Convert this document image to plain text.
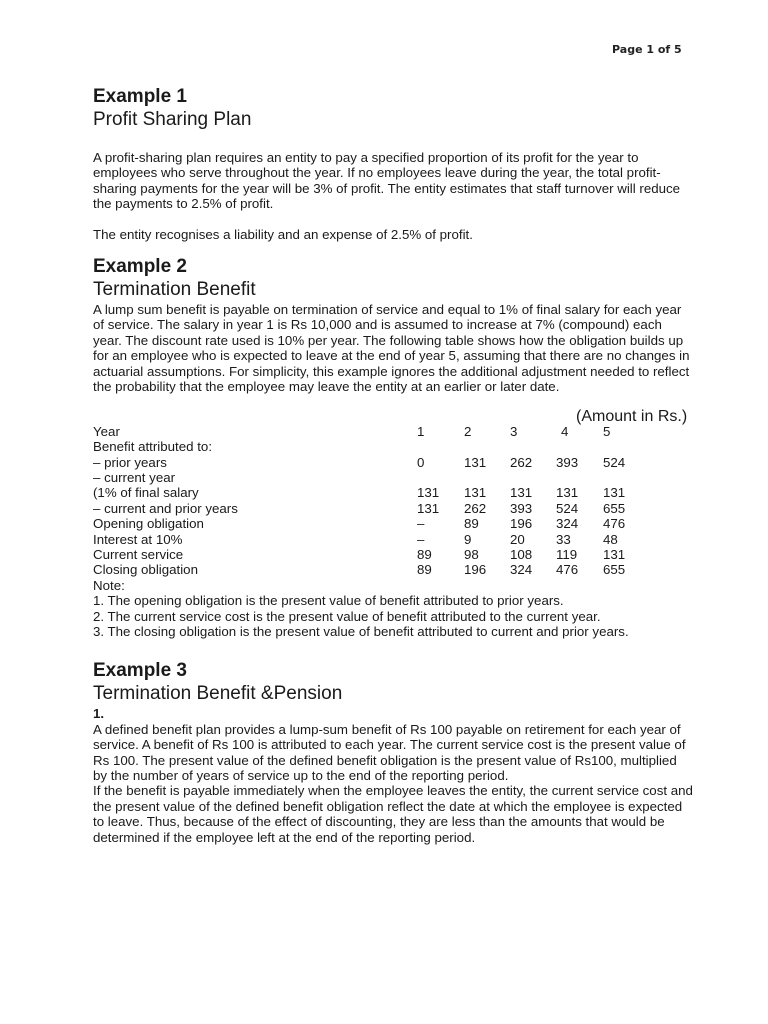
Page 1 of 5
Example 1
Profit Sharing Plan

A profit-sharing plan requires an entity to pay a specified proportion of its profit for the year to employees who serve throughout the year. If no employees leave during the year, the total profit-sharing payments for the year will be 3% of profit. The entity estimates that staff turnover will reduce the payments to 2.5% of profit.

The entity recognises a liability and an expense of 2.5% of profit.

Example 2
Termination Benefit

A lump sum benefit is payable on termination of service and equal to 1% of final salary for each year of service. The salary in year 1 is Rs 10,000 and is assumed to increase at 7% (compound) each year. The discount rate used is 10% per year. The following table shows how the obligation builds up for an employee who is expected to leave at the end of year 5, assuming that there are no changes in actuarial assumptions. For simplicity, this example ignores the additional adjustment needed to reflect the probability that the employee may leave the entity at an earlier or later date.

(Amount in Rs.)
Year	1	2	3	4	5
Benefit attributed to:
– prior years	0	131 262 393 524
– current year
(1% of final salary	131 131 131 131 131
– current and prior years	131 262 393 524 655
Opening obligation	–	89 196 324 476
Interest at 10%	–	9	20 33 48
Current service	89 98 108 119 131
Closing obligation	89 196 324 476 655
Note:
1. The opening obligation is the present value of benefit attributed to prior years.
2. The current service cost is the present value of benefit attributed to the current year.
3. The closing obligation is the present value of benefit attributed to current and prior years.
Example 3
Termination Benefit &Pension
1.

A defined benefit plan provides a lump-sum benefit of Rs 100 payable on retirement for each year of service. A benefit of Rs 100 is attributed to each year. The current service cost is the present value of Rs 100. The present value of the defined benefit obligation is the present value of Rs100, multiplied by the number of years of service up to the end of the reporting period.

If the benefit is payable immediately when the employee leaves the entity, the current service cost and the present value of the defined benefit obligation reflect the date at which the employee is expected to leave. Thus, because of the effect of discounting, they are less than the amounts that would be determined if the employee left at the end of the reporting period.
